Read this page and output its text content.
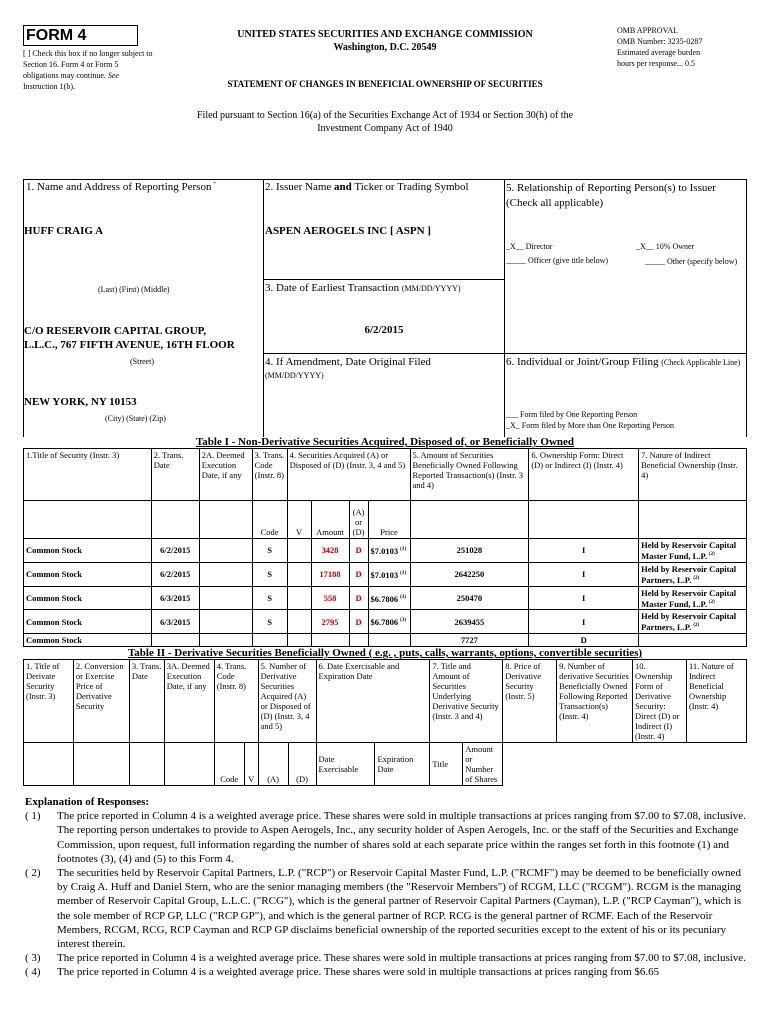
FORM 4
[ ] Check this box if no longer subject to Section 16. Form 4 or Form 5 obligations may continue. See Instruction 1(b).
UNITED STATES SECURITIES AND EXCHANGE COMMISSION
Washington, D.C. 20549
STATEMENT OF CHANGES IN BENEFICIAL OWNERSHIP OF SECURITIES
OMB APPROVAL
OMB Number: 3235-0287
Estimated average burden
hours per response... 0.5
Filed pursuant to Section 16(a) of the Securities Exchange Act of 1934 or Section 30(h) of the
Investment Company Act of 1940
1. Name and Address of Reporting Person *
HUFF CRAIG A
(Last) (First) (Middle)
C/O RESERVOIR CAPITAL GROUP,
L.L.C., 767 FIFTH AVENUE, 16TH FLOOR
(Street)
NEW YORK, NY 10153
(City) (State) (Zip)
2. Issuer Name and Ticker or Trading Symbol
ASPEN AEROGELS INC [ ASPN ]
3. Date of Earliest Transaction (MM/DD/YYYY)
6/2/2015
4. If Amendment, Date Original Filed
(MM/DD/YYYY)
5. Relationship of Reporting Person(s) to Issuer
(Check all applicable)
_X__ Director	_X__ 10% Owner
_____ Officer (give title below)	_____ Other (specify below)
6. Individual or Joint/Group Filing (Check Applicable Line)
___ Form filed by One Reporting Person
_X_ Form filed by More than One Reporting Person
Table I - Non-Derivative Securities Acquired, Disposed of, or Beneficially Owned
1.Title of Security (Instr. 3)	2. Trans. Date	2A. Deemed Execution Date, if any	3. Trans. Code (Instr. 8)	4. Securities Acquired (A) or Disposed of (D) (Instr. 3, 4 and 5)				5. Amount of Securities Beneficially Owned Following Reported Transaction(s) (Instr. 3 and 4)	6. Ownership Form: Direct (D) or Indirect (I) (Instr. 4)	7. Nature of Indirect Beneficial Ownership (Instr. 4)
			Code	V	Amount	(A) or (D)	Price			
Common Stock	6/2/2015		S		3428	D	$7.0103 $^{(1)}$	251028	I	Held by Reservoir Capital Master Fund, L.P. $^{(2)}$
Common Stock	6/2/2015		S		17188	D	$7.0103 $^{(1)}$	2642250	I	Held by Reservoir Capital Partners, L.P. $^{(2)}$
Common Stock	6/3/2015		S		558	D	$6.7806 $^{(3)}$	250470	I	Held by Reservoir Capital Master Fund, L.P. $^{(2)}$
Common Stock	6/3/2015		S		2795	D	$6.7806 $^{(3)}$	2639455	I	Held by Reservoir Capital Partners, L.P. $^{(2)}$
Common Stock								7727	D	
Table II - Derivative Securities Beneficially Owned ( e.g. , puts, calls, warrants, options, convertible securities)
1. Title of Derivate Security (Instr. 3)	2. Conversion or Exercise Price of Derivative Security	3. Trans. Date	3A. Deemed Execution Date, if any	4. Trans. Code (Instr. 8)		5. Number of Derivative Securities Acquired (A) or Disposed of (D) (Instr. 3, 4 and 5)		6. Date Exercisable and Expiration Date		7. Title and Amount of Securities Underlying Derivative Security (Instr. 3 and 4)		8. Price of Derivative Security (Instr. 5)	9. Number of derivative Securities Beneficially Owned Following Reported Transaction(s) (Instr. 4)	10. Ownership Form of Derivative Security: Direct (D) or Indirect (I) (Instr. 4)	11. Nature of Indirect Beneficial Ownership (Instr. 4)
				Code	V	(A)	(D)	Date Exercisable	Expiration Date	Title	Amount or Number of Shares				
Explanation of Responses:
( 1)	The price reported in Column 4 is a weighted average price. These shares were sold in multiple transactions at prices ranging from $7.00 to $7.08, inclusive. The reporting person undertakes to provide to Aspen Aerogels, Inc., any security holder of Aspen Aerogels, Inc. or the staff of the Securities and Exchange Commission, upon request, full information regarding the number of shares sold at each separate price within the ranges set forth in this footnote (1) and footnotes (3), (4) and (5) to this Form 4.
( 2)	The securities held by Reservoir Capital Partners, L.P. ("RCP") or Reservoir Capital Master Fund, L.P. ("RCMF") may be deemed to be beneficially owned by Craig A. Huff and Daniel Stern, who are the senior managing members (the "Reservoir Members") of RCGM, LLC ("RCGM"). RCGM is the managing member of Reservoir Capital Group, L.L.C. ("RCG"), which is the general partner of Reservoir Capital Partners (Cayman), L.P. ("RCP Cayman"), which is the sole member of RCP GP, LLC ("RCP GP"), and which is the general partner of RCP. RCG is the general partner of RCMF. Each of the Reservoir Members, RCGM, RCG, RCP Cayman and RCP GP disclaims beneficial ownership of the reported securities except to the extent of his or its pecuniary interest therein.
( 3)	The price reported in Column 4 is a weighted average price. These shares were sold in multiple transactions at prices ranging from $7.00 to $7.08, inclusive.
( 4)	The price reported in Column 4 is a weighted average price. These shares were sold in multiple transactions at prices ranging from $6.65
